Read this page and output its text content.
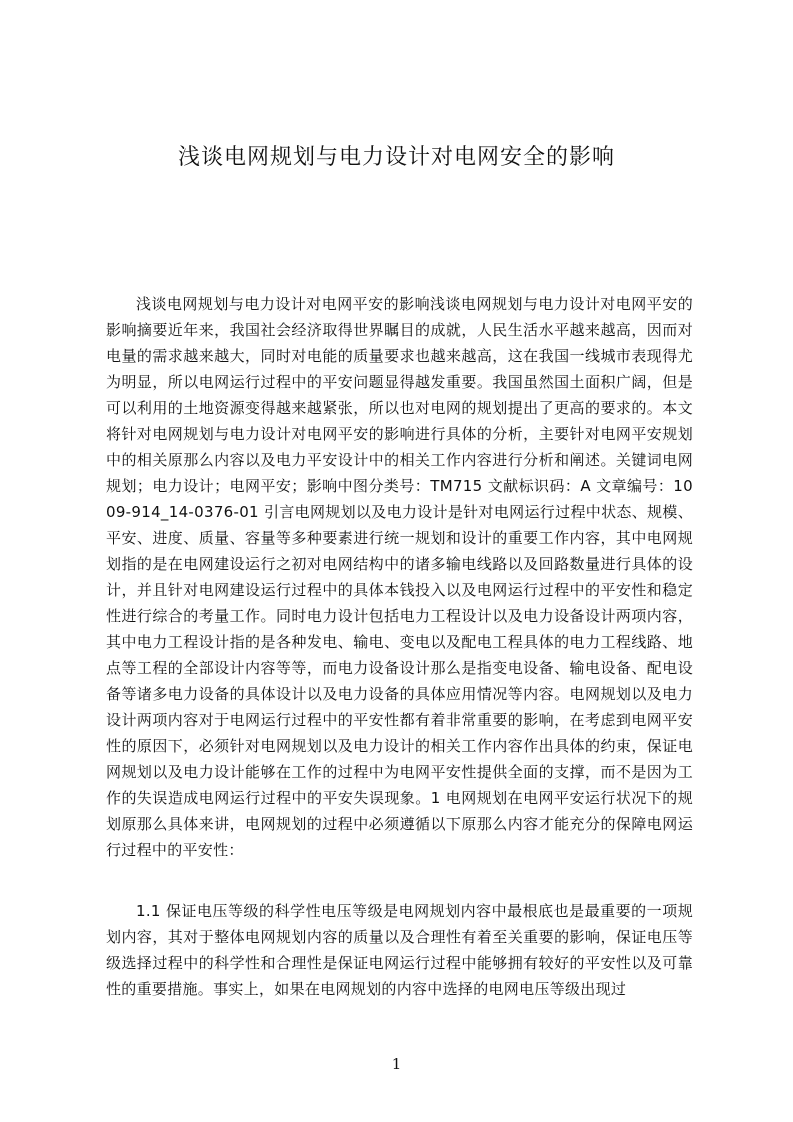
浅谈电网规划与电力设计对电网安全的影响

浅谈电网规划与电力设计对电网平安的影响浅谈电网规划与电力设计对电网平安的影响摘要近年来，我国社会经济取得世界瞩目的成就，人民生活水平越来越高，因而对电量的需求越来越大，同时对电能的质量要求也越来越高，这在我国一线城市表现得尤为明显，所以电网运行过程中的平安问题显得越发重要。我国虽然国土面积广阔，但是可以利用的土地资源变得越来越紧张，所以也对电网的规划提出了更高的要求的。本文将针对电网规划与电力设计对电网平安的影响进行具体的分析，主要针对电网平安规划中的相关原那么内容以及电力平安设计中的相关工作内容进行分析和阐述。关键词电网规划；电力设计；电网平安；影响中图分类号：TM715 文献标识码：A 文章编号：1009-914_14-0376-01 引言电网规划以及电力设计是针对电网运行过程中状态、规模、平安、进度、质量、容量等多种要素进行统一规划和设计的重要工作内容，其中电网规划指的是在电网建设运行之初对电网结构中的诸多输电线路以及回路数量进行具体的设计，并且针对电网建设运行过程中的具体本钱投入以及电网运行过程中的平安性和稳定性进行综合的考量工作。同时电力设计包括电力工程设计以及电力设备设计两项内容，其中电力工程设计指的是各种发电、输电、变电以及配电工程具体的电力工程线路、地点等工程的全部设计内容等等，而电力设备设计那么是指变电设备、输电设备、配电设备等诸多电力设备的具体设计以及电力设备的具体应用情况等内容。电网规划以及电力设计两项内容对于电网运行过程中的平安性都有着非常重要的影响，在考虑到电网平安性的原因下，必须针对电网规划以及电力设计的相关工作内容作出具体的约束，保证电网规划以及电力设计能够在工作的过程中为电网平安性提供全面的支撑，而不是因为工作的失误造成电网运行过程中的平安失误现象。1 电网规划在电网平安运行状况下的规划原那么具体来讲，电网规划的过程中必须遵循以下原那么内容才能充分的保障电网运行过程中的平安性：

1.1 保证电压等级的科学性电压等级是电网规划内容中最根底也是最重要的一项规划内容，其对于整体电网规划内容的质量以及合理性有着至关重要的影响，保证电压等级选择过程中的科学性和合理性是保证电网运行过程中能够拥有较好的平安性以及可靠性的重要措施。事实上，如果在电网规划的内容中选择的电网电压等级出现过

1
